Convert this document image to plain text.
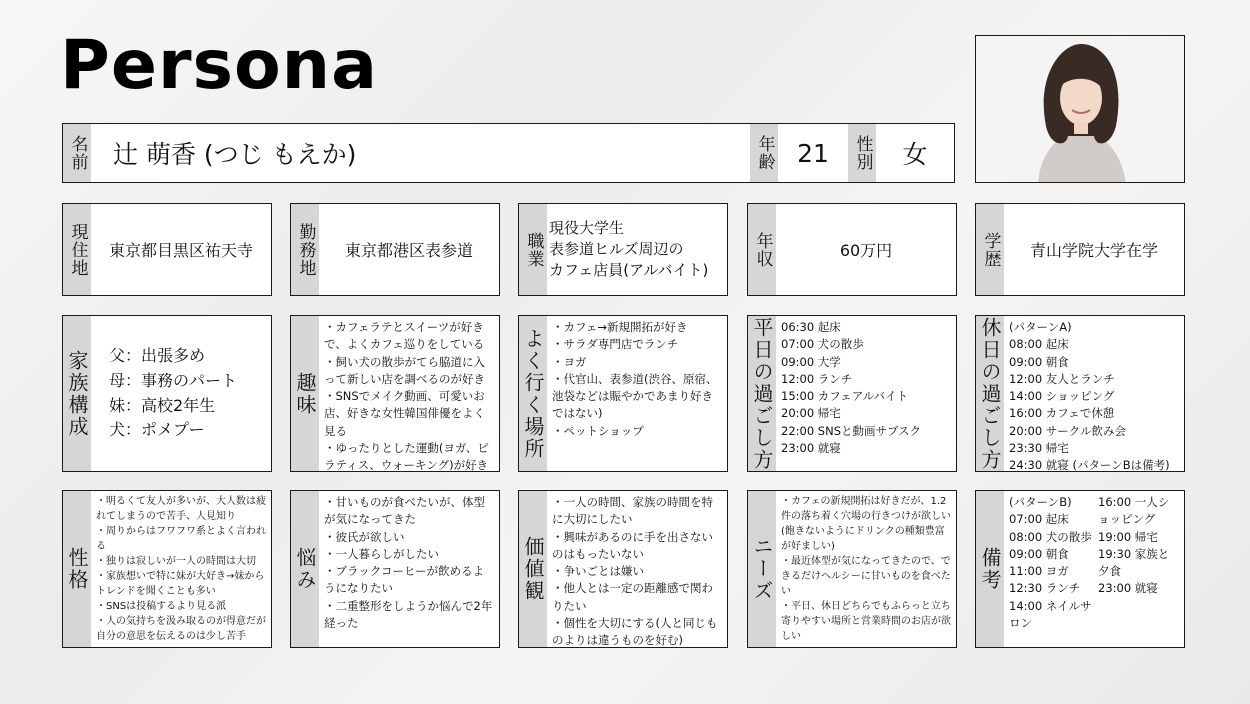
Persona
名前	辻 萌香 (つじ もえか)	年齢 21	性別	女
現住地	東京都目黒区祐天寺	勤務地	東京都港区表参道	職業
現役大学生
表参道ヒルズ周辺の
カフェ店員(アルバイト)
年収	60万円	学歴	青山学院大学在学
家族構成	父：出張多め
母：事務のパート
妹：高校2年生
犬：ポメプー
趣味
・カフェラテとスイーツが好きで、よくカフェ巡りをしている
・飼い犬の散歩がてら脇道に入って新しい店を調べるのが好き
・SNSでメイク動画、可愛いお店、好きな女性韓国俳優をよく見る
・ゆったりとした運動(ヨガ、ピラティス、ウォーキング)が好き
よく行く場所
・カフェ→新規開拓が好き
・サラダ専門店でランチ
・ヨガ
・代官山、表参道(渋谷、原宿、池袋などは賑やかであまり好きではない)
・ペットショップ	平日の過ごし方 06:30 起床
07:00 犬の散歩
09:00 大学
12:00 ランチ
15:00 カフェアルバイト
20:00 帰宅
22:00 SNSと動画サブスク
23:00 就寝	休日の過ごし方 (パターンA)
08:00 起床
09:00 朝食
12:00 友人とランチ
14:00 ショッピング
16:00 カフェで休憩
20:00 サークル飲み会
23:30 帰宅
24:30 就寝 (パターンBは備考)
性格
・明るくて友人が多いが、大人数は疲れてしまうので苦手、人見知り
・周りからはフワフワ系とよく言われる
・独りは寂しいが一人の時間は大切
・家族想いで特に妹が大好き→妹からトレンドを聞くことも多い
・SNSは投稿するより見る派
・人の気持ちを汲み取るのが得意だが自分の意思を伝えるのは少し苦手
悩み
・甘いものが食べたいが、体型が気になってきた
・彼氏が欲しい
・一人暮らしがしたい
・ブラックコーヒーが飲めるようになりたい
・二重整形をしようか悩んで2年経った
価値観
・一人の時間、家族の時間を特に大切にしたい
・興味があるのに手を出さないのはもったいない
・争いごとは嫌い
・他人とは一定の距離感で関わりたい
・個性を大切にする(人と同じものよりは違うものを好む)
ニーズ
・カフェの新規開拓は好きだが、1.2件の落ち着く穴場の行きつけが欲しい(飽きないようにドリンクの種類豊富が好ましい)
・最近体型が気になってきたので、できるだけヘルシーに甘いものを食べたい
・平日、休日どちらでもふらっと立ち寄りやすい場所と営業時間のお店が欲しい
備考
(パターンB)
07:00 起床
08:00 犬の散歩
09:00 朝食
11:00 ヨガ
12:30 ランチ
14:00 ネイルサロン
16:00 一人ショッピング
19:00 帰宅
19:30 家族と夕食
23:00 就寝
